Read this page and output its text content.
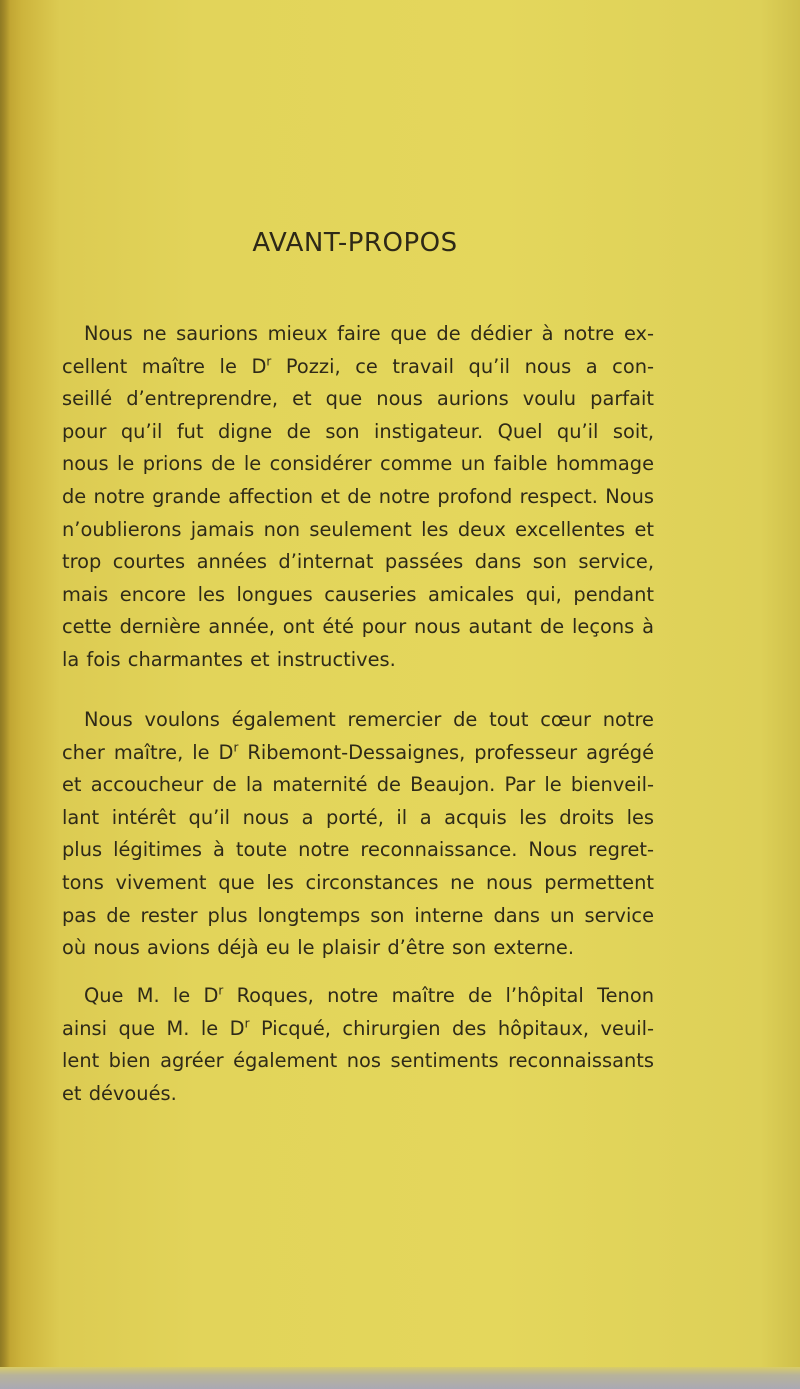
AVANT-PROPOS
Nous ne saurions mieux faire que de dédier à notre ex-
cellent maître le $D^r$ Pozzi, ce travail qu’il nous a con-
seillé d’entreprendre, et que nous aurions voulu parfait
pour qu’il fut digne de son instigateur. Quel qu’il soit,
nous le prions de le considérer comme un faible hommage
de notre grande affection et de notre profond respect. Nous
n’oublierons jamais non seulement les deux excellentes et
trop courtes années d’internat passées dans son service,
mais encore les longues causeries amicales qui, pendant
cette dernière année, ont été pour nous autant de leçons à
la fois charmantes et instructives.
Nous voulons également remercier de tout cœur notre
cher maître, le $D^r$ Ribemont-Dessaignes, professeur agrégé
et accoucheur de la maternité de Beaujon. Par le bienveil-
lant intérêt qu’il nous a porté, il a acquis les droits les
plus légitimes à toute notre reconnaissance. Nous regret-
tons vivement que les circonstances ne nous permettent
pas de rester plus longtemps son interne dans un service
où nous avions déjà eu le plaisir d’être son externe.
Que M. le $D^r$ Roques, notre maître de l’hôpital Tenon
ainsi que M. le $D^r$ Picqué, chirurgien des hôpitaux, veuil-
lent bien agréer également nos sentiments reconnaissants
et dévoués.
